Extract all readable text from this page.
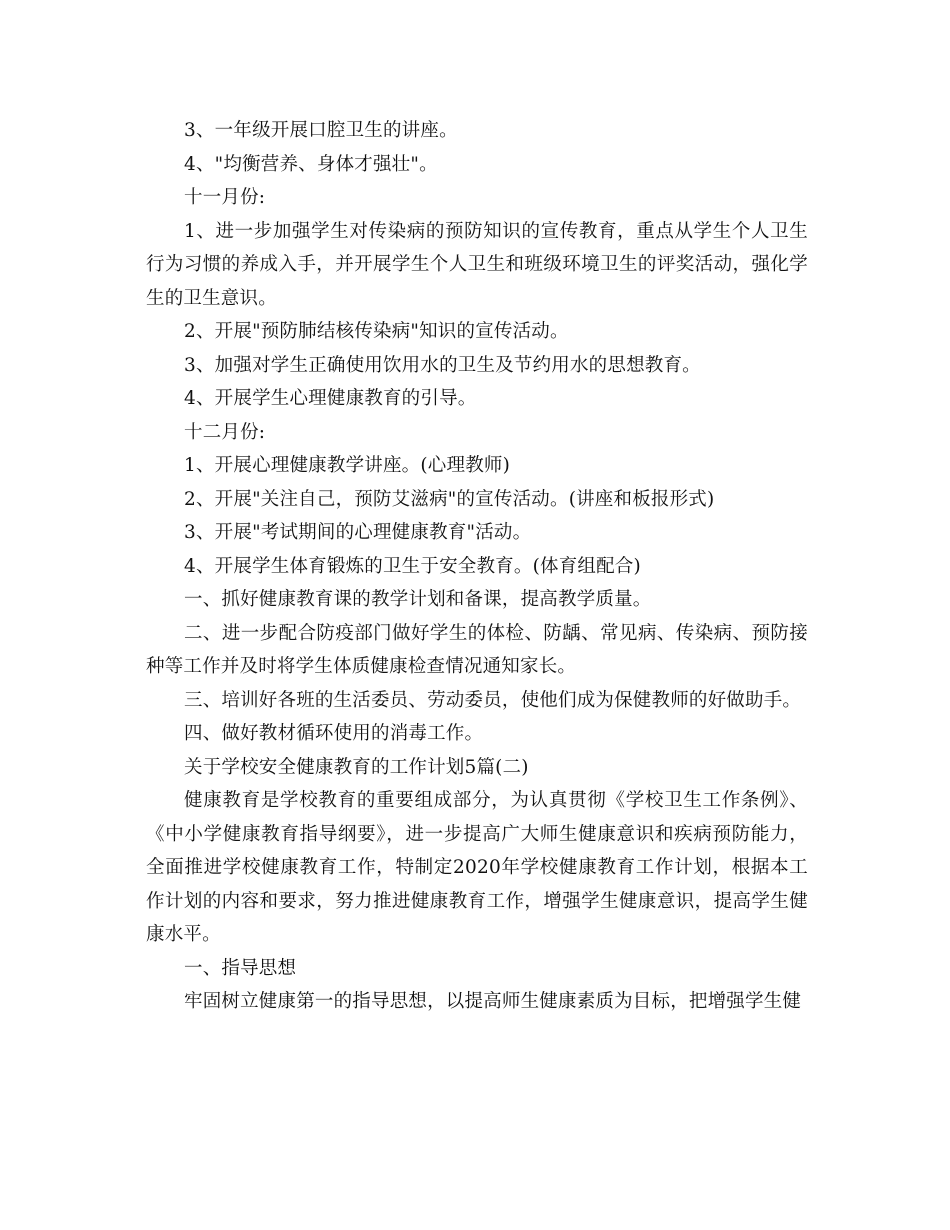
3、一年级开展口腔卫生的讲座。

4、"均衡营养、身体才强壮"。

十一月份:

1、进一步加强学生对传染病的预防知识的宣传教育，重点从学生个人卫生行为习惯的养成入手，并开展学生个人卫生和班级环境卫生的评奖活动，强化学生的卫生意识。

2、开展"预防肺结核传染病"知识的宣传活动。

3、加强对学生正确使用饮用水的卫生及节约用水的思想教育。

4、开展学生心理健康教育的引导。

十二月份:

1、开展心理健康教学讲座。(心理教师)

2、开展"关注自己，预防艾滋病"的宣传活动。(讲座和板报形式)

3、开展"考试期间的心理健康教育"活动。

4、开展学生体育锻炼的卫生于安全教育。(体育组配合)

一、抓好健康教育课的教学计划和备课，提高教学质量。

二、进一步配合防疫部门做好学生的体检、防龋、常见病、传染病、预防接种等工作并及时将学生体质健康检查情况通知家长。

三、培训好各班的生活委员、劳动委员，使他们成为保健教师的好做助手。

四、做好教材循环使用的消毒工作。

关于学校安全健康教育的工作计划5篇(二)

健康教育是学校教育的重要组成部分，为认真贯彻《学校卫生工作条例》、《中小学健康教育指导纲要》，进一步提高广大师生健康意识和疾病预防能力，全面推进学校健康教育工作，特制定2020年学校健康教育工作计划，根据本工作计划的内容和要求，努力推进健康教育工作，增强学生健康意识，提高学生健康水平。

一、指导思想

牢固树立健康第一的指导思想，以提高师生健康素质为目标，把增强学生健
